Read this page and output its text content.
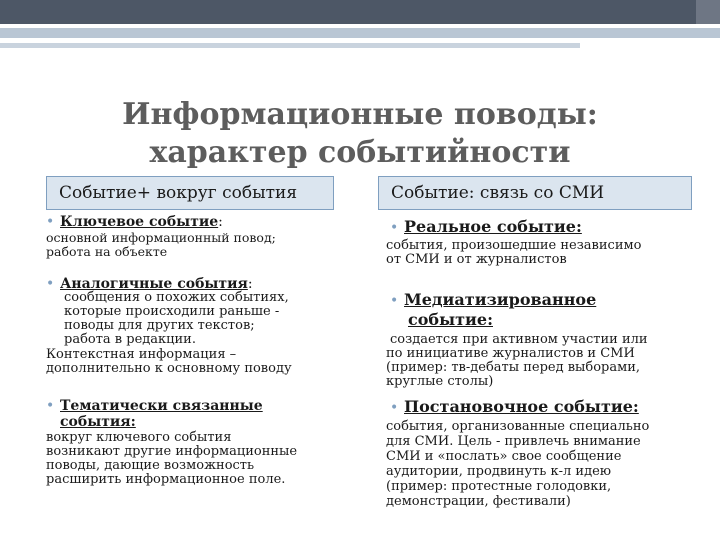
Информационные поводы:
характер событийности
Событие+ вокруг события	Событие: связь со СМИ
• Ключевое событие:
основной информационный повод;
работа на объекте
• Аналогичные события:
сообщения о похожих событиях,
которые происходили раньше -
поводы для других текстов;
работа в редакции.
Контекстная информация –
дополнительно к основному поводу
• Тематически связанные
события:
вокруг ключевого события
возникают другие информационные
поводы, дающие возможность
расширить информационное поле.
• Реальное событие:
события, произошедшие независимо
от СМИ и от журналистов
• Медиатизированное
событие:
создается при активном участии или
по инициативе журналистов и СМИ
(пример: тв-дебаты перед выборами,
круглые столы)
• Постановочное событие:
события, организованные специально
для СМИ. Цель - привлечь внимание
СМИ и «послать» свое сообщение
аудитории, продвинуть к-л идею
(пример: протестные голодовки,
демонстрации, фестивали)
